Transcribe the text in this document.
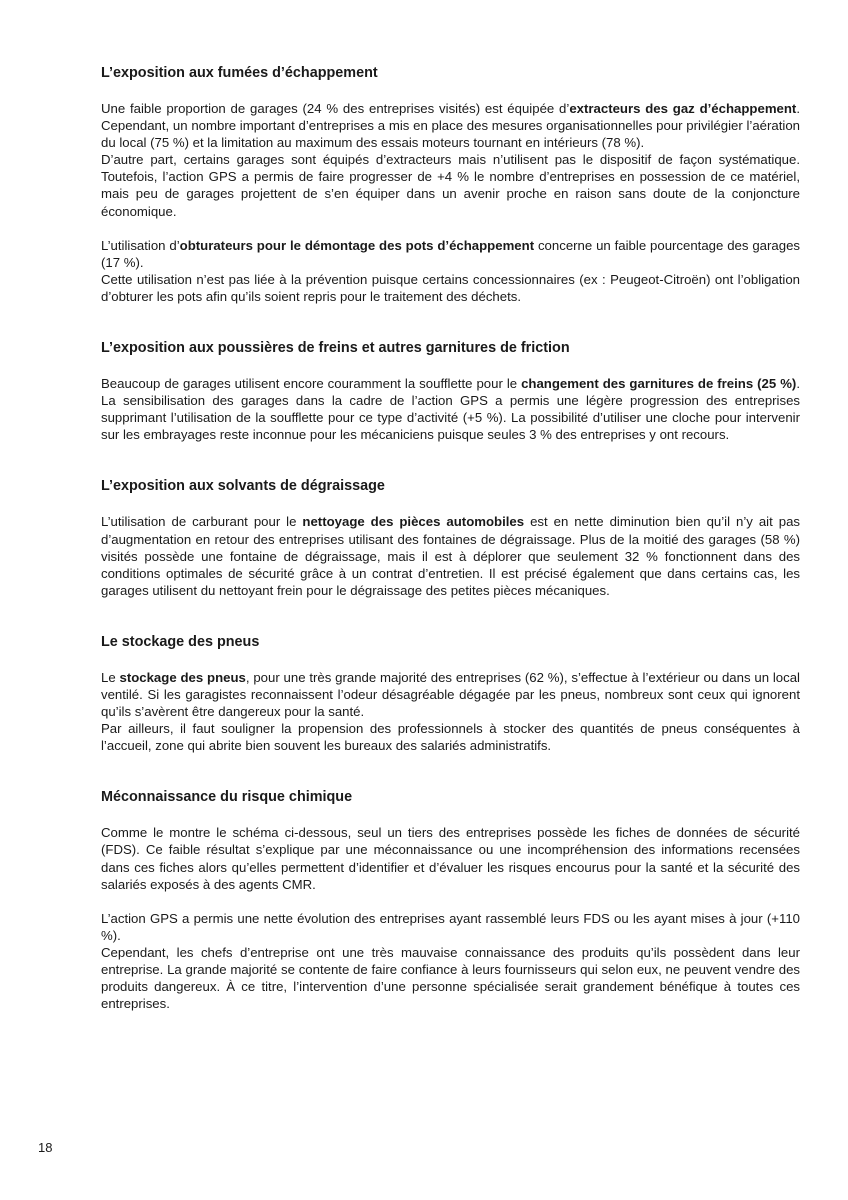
L’exposition aux fumées d’échappement

Une faible proportion de garages (24 % des entreprises visités) est équipée d’extracteurs des gaz d’échappement. Cependant, un nombre important d’entreprises a mis en place des mesures organisationnelles pour privilégier l’aération du local (75 %) et la limitation au maximum des essais moteurs tournant en intérieurs (78 %).

D’autre part, certains garages sont équipés d’extracteurs mais n’utilisent pas le dispositif de façon systématique. Toutefois, l’action GPS a permis de faire progresser de +4 % le nombre d’entreprises en possession de ce matériel, mais peu de garages projettent de s’en équiper dans un avenir proche en raison sans doute de la conjoncture économique.

L’utilisation d’obturateurs pour le démontage des pots d’échappement concerne un faible pourcentage des garages (17 %).

Cette utilisation n’est pas liée à la prévention puisque certains concessionnaires (ex : Peugeot-Citroën) ont l’obligation d’obturer les pots afin qu’ils soient repris pour le traitement des déchets.

L’exposition aux poussières de freins et autres garnitures de friction

Beaucoup de garages utilisent encore couramment la soufflette pour le changement des garnitures de freins (25 %). La sensibilisation des garages dans la cadre de l’action GPS a permis une légère progression des entreprises supprimant l’utilisation de la soufflette pour ce type d’activité (+5 %). La possibilité d’utiliser une cloche pour intervenir sur les embrayages reste inconnue pour les mécaniciens puisque seules 3 % des entreprises y ont recours.

L’exposition aux solvants de dégraissage

L’utilisation de carburant pour le nettoyage des pièces automobiles est en nette diminution bien qu’il n’y ait pas d’augmentation en retour des entreprises utilisant des fontaines de dégraissage. Plus de la moitié des garages (58 %) visités possède une fontaine de dégraissage, mais il est à déplorer que seulement 32 % fonctionnent dans des conditions optimales de sécurité grâce à un contrat d’entretien. Il est précisé également que dans certains cas, les garages utilisent du nettoyant frein pour le dégraissage des petites pièces mécaniques.

Le stockage des pneus

Le stockage des pneus, pour une très grande majorité des entreprises (62 %), s’effectue à l’extérieur ou dans un local ventilé. Si les garagistes reconnaissent l’odeur désagréable dégagée par les pneus, nombreux sont ceux qui ignorent qu’ils s’avèrent être dangereux pour la santé.

Par ailleurs, il faut souligner la propension des professionnels à stocker des quantités de pneus conséquentes à l’accueil, zone qui abrite bien souvent les bureaux des salariés administratifs.

Méconnaissance du risque chimique

Comme le montre le schéma ci-dessous, seul un tiers des entreprises possède les fiches de données de sécurité (FDS). Ce faible résultat s’explique par une méconnaissance ou une incompréhension des informations recensées dans ces fiches alors qu’elles permettent d’identifier et d’évaluer les risques encourus pour la santé et la sécurité des salariés exposés à des agents CMR.

L’action GPS a permis une nette évolution des entreprises ayant rassemblé leurs FDS ou les ayant mises à jour (+110 %).

Cependant, les chefs d’entreprise ont une très mauvaise connaissance des produits qu’ils possèdent dans leur entreprise. La grande majorité se contente de faire confiance à leurs fournisseurs qui selon eux, ne peuvent vendre des produits dangereux. À ce titre, l’intervention d’une personne spécialisée serait grandement bénéfique à toutes ces entreprises.

18
